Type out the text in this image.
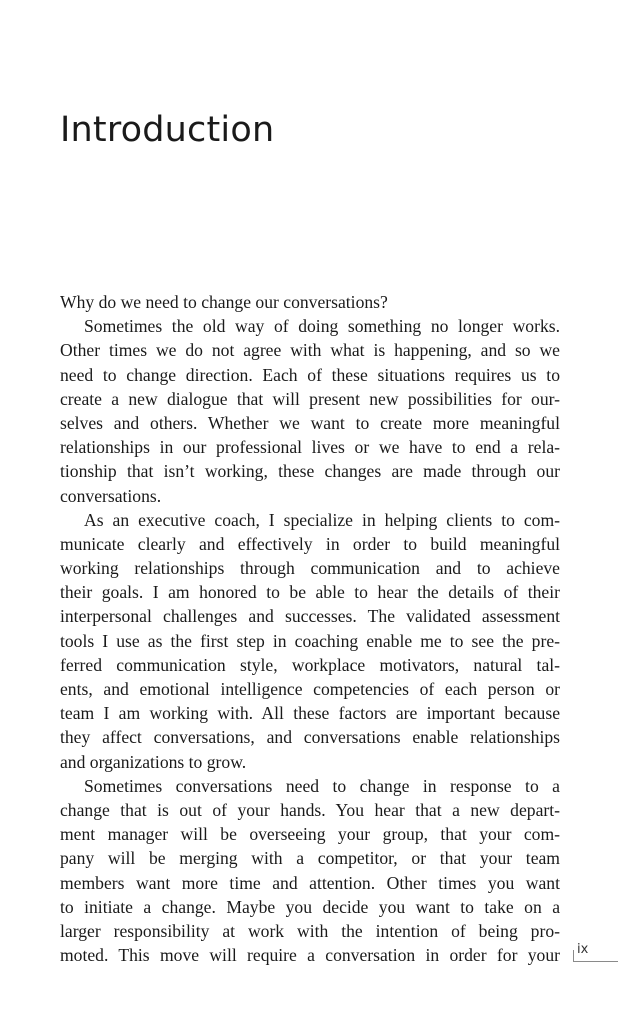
Introduction
Why do we need to change our conversations?
Sometimes the old way of doing something no longer works.
Other times we do not agree with what is happening, and so we
need to change direction. Each of these situations requires us to
create a new dialogue that will present new possibilities for our-
selves and others. Whether we want to create more meaningful
relationships in our professional lives or we have to end a rela-
tionship that isn’t working, these changes are made through our
conversations.
As an executive coach, I specialize in helping clients to com-
municate clearly and effectively in order to build meaningful
working relationships through communication and to achieve
their goals. I am honored to be able to hear the details of their
interpersonal challenges and successes. The validated assessment
tools I use as the first step in coaching enable me to see the pre-
ferred communication style, workplace motivators, natural tal-
ents, and emotional intelligence competencies of each person or
team I am working with. All these factors are important because
they affect conversations, and conversations enable relationships
and organizations to grow.
Sometimes conversations need to change in response to a
change that is out of your hands. You hear that a new depart-
ment manager will be overseeing your group, that your com-
pany will be merging with a competitor, or that your team
members want more time and attention. Other times you want
to initiate a change. Maybe you decide you want to take on a
larger responsibility at work with the intention of being pro-
moted. This move will require a conversation in order for your ix
